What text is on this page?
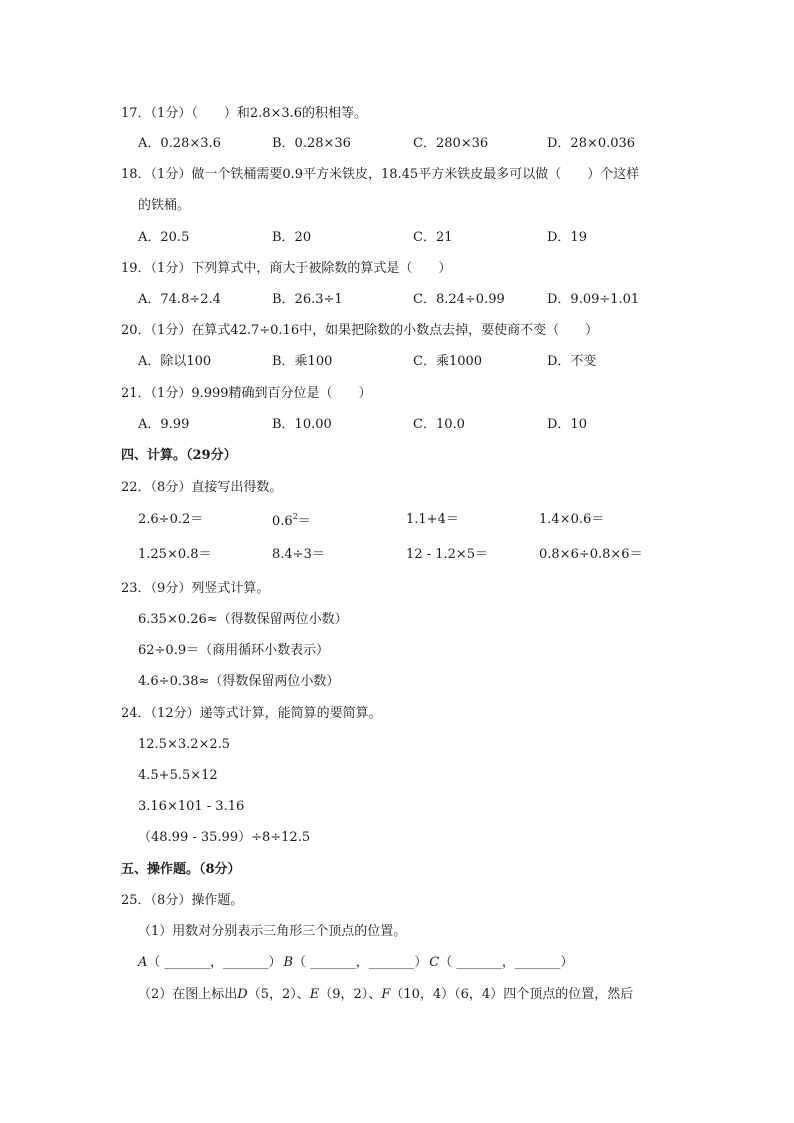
17．（1分）（　　）和2.8×3.6的积相等。
A．0.28×3.6	B．0.28×36	C．280×36	D．28×0.036
18．（1分）做一个铁桶需要0.9平方米铁皮，18.45平方米铁皮最多可以做（　　）个这样
的铁桶。
A．20.5	B．20	C．21	D．19
19．（1分）下列算式中，商大于被除数的算式是（　　）
A．74.8÷2.4	B．26.3÷1	C．8.24÷0.99	D．9.09÷1.01
20．（1分）在算式42.7÷0.16中，如果把除数的小数点去掉，要使商不变（　　）
A．除以100	B．乘100	C．乘1000	D．不变
21．（1分）9.999精确到百分位是（　　）
A．9.99	B．10.00	C．10.0	D．10
四、计算。（29分）
22．（8分）直接写出得数。
2.6÷0.2＝	$0.6^2=$	1.1+4＝	1.4×0.6＝
1.25×0.8＝	8.4÷3＝	12 - 1.2×5＝	0.8×6÷0.8×6＝
23．（9分）列竖式计算。
6.35×0.26≈（得数保留两位小数）
62÷0.9＝（商用循环小数表示）
4.6÷0.38≈（得数保留两位小数）
24．（12分）递等式计算，能简算的要简算。
12.5×3.2×2.5
4.5+5.5×12
3.16×101 - 3.16
（48.99 - 35.99）÷8÷12.5
五、操作题。（8分）
25．（8分）操作题。
（1）用数对分别表示三角形三个顶点的位置。
A（ _______，_______） B（ _______，_______） C（ _______，_______）
（2）在图上标出D（5，2）、E（9，2）、F（10，4）（6，4）四个顶点的位置，然后
